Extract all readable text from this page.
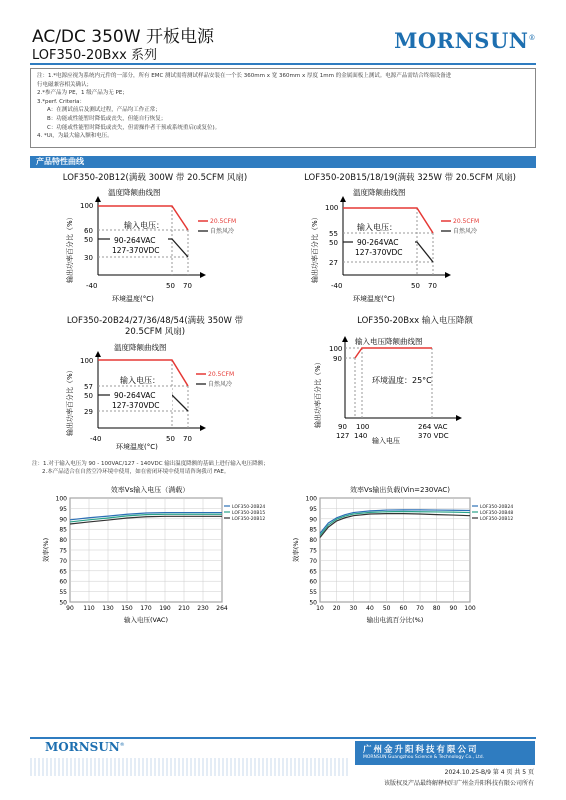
AC/DC 350W 开板电源
LOF350-20Bxx 系列
MORNSUN®
注：1.*电源应视为系统内元件的一部分，所有 EMC 测试需将测试样品安装在一个长 360mm x 宽 360mm x 厚度 1mm 的金属面板上测试。电源产品需结合终端设备进
行电磁兼容相关确认；
2.*参产品为 PE，1 级产品为无 PE；
3.*perf. Criteria：
A：在测试前后及测试过程，产品均工作正常；
B：功能或性能暂时降低或丧失，但能自行恢复；
C：功能或性能暂时降低或丧失，但需操作者干预或系统重启(或复位)。
4. *Ui，为最大输入额和电压。
产品特性曲线
LOF350-20B12(满载 300W 带 20.5CFM 风扇)	LOF350-20B15/18/19(满载 325W 带 20.5CFM 风扇)
LOF350-20B24/27/36/48/54(满载 350W 带
20.5CFM 风扇)
LOF350-20Bxx 输入电压降额
温度降额曲线图
输出功率百分比（%）
100
60
50
30
输入电压：
90-264VAC
127-370VDC
20.5CFM
自然风冷
-40	50 70
环境温度(°C)
温度降额曲线图
输出功率百分比（%）
100
55
50
27
输入电压：
90-264VAC
127-370VDC
20.5CFM
自然风冷
-40	50 70
环境温度(°C)
温度降额曲线图
输出功率百分比（%）
100
57
50
29
输入电压：
90-264VAC
127-370VDC
20.5CFM
自然风冷
-40	50 70
环境温度(°C)
输入电压降额曲线图
输出功率百分比（%）
100
90
环境温度：25°C
90 100	264 VAC
127 140	370 VDC
输入电压
注：1.对于输入电压为 90 - 100VAC/127 - 140VDC 输出温度降额的基础上进行输入电压降额；
2.本产品适合在自然空冷环境中使用，如在密闭环境中使用请咨询我司 FAE。
效率Vs输入电压（满载）	效率Vs输出负载(Vin=230VAC)
50
55
60
65
70
75
80
85
90
95
100
90 110 130 150 170 190 210 230 264
LOF350-20B24
LOF350-20B15
LOF350-20B12
输入电压(VAC)
效率(%)
50
55
60
65
70
75
80
85
90
95
100
10 20 30 40 50 60 70 80 90 100
LOF350-20B24
LOF350-20B48
LOF350-20B12
输出电流百分比(%)
效率(%)
MORNSUN®	广州金升阳科技有限公司
MORNSUN Guangzhou Science & Technology Co., Ltd.
2024.10.25-B/9 第 4 页 共 5 页
该版权及产品最终解释权归广州金升阳科技有限公司所有
